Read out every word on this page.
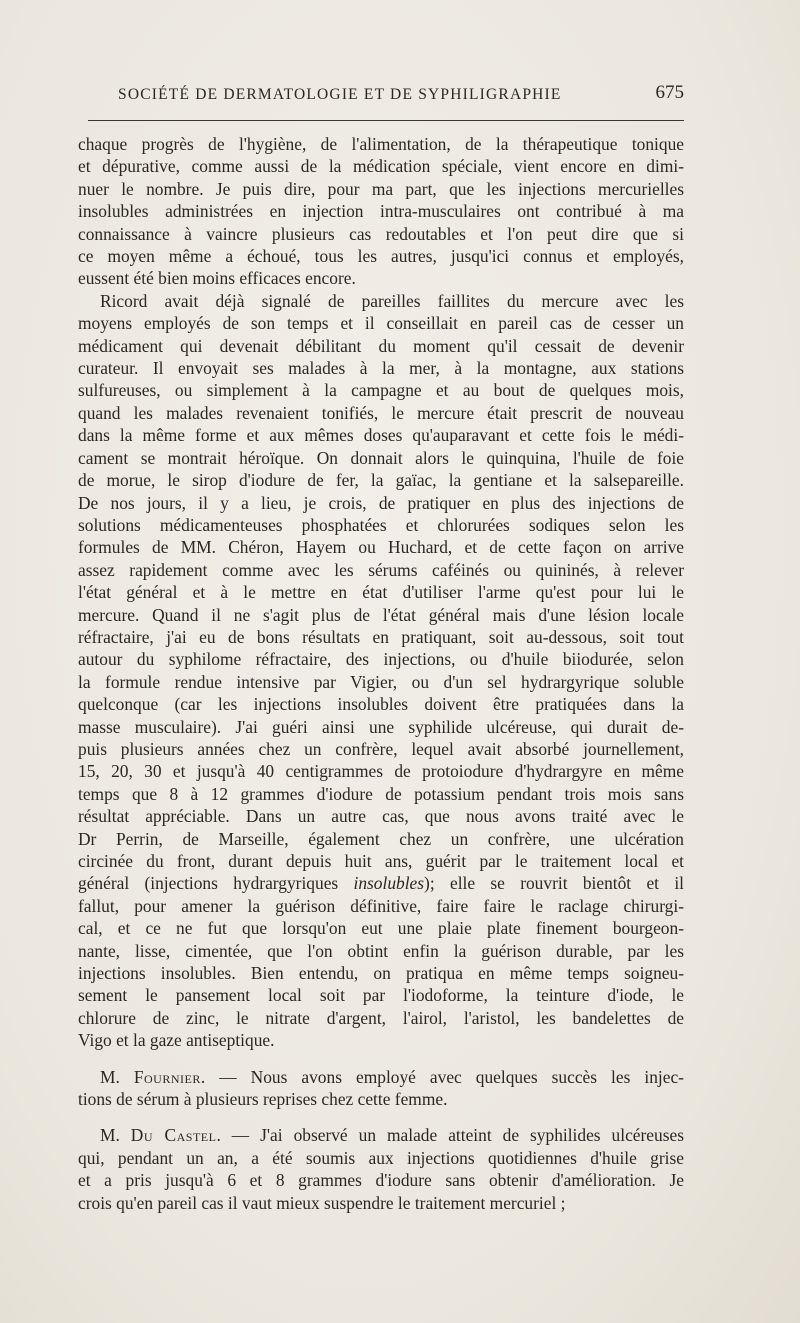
SOCIÉTÉ DE DERMATOLOGIE ET DE SYPHILIGRAPHIE	675

chaque progrès de l'hygiène, de l'alimentation, de la thérapeutique tonique
et dépurative, comme aussi de la médication spéciale, vient encore en dimi-
nuer le nombre. Je puis dire, pour ma part, que les injections mercurielles
insolubles administrées en injection intra-musculaires ont contribué à ma
connaissance à vaincre plusieurs cas redoutables et l'on peut dire que si
ce moyen même a échoué, tous les autres, jusqu'ici connus et employés,
eussent été bien moins efficaces encore.

Ricord avait déjà signalé de pareilles faillites du mercure avec les
moyens employés de son temps et il conseillait en pareil cas de cesser un
médicament qui devenait débilitant du moment qu'il cessait de devenir
curateur. Il envoyait ses malades à la mer, à la montagne, aux stations
sulfureuses, ou simplement à la campagne et au bout de quelques mois,
quand les malades revenaient tonifiés, le mercure était prescrit de nouveau
dans la même forme et aux mêmes doses qu'auparavant et cette fois le médi-
cament se montrait héroïque. On donnait alors le quinquina, l'huile de foie
de morue, le sirop d'iodure de fer, la gaïac, la gentiane et la salsepareille.
De nos jours, il y a lieu, je crois, de pratiquer en plus des injections de
solutions médicamenteuses phosphatées et chlorurées sodiques selon les
formules de MM. Chéron, Hayem ou Huchard, et de cette façon on arrive
assez rapidement comme avec les sérums caféinés ou quininés, à relever
l'état général et à le mettre en état d'utiliser l'arme qu'est pour lui le
mercure. Quand il ne s'agit plus de l'état général mais d'une lésion locale
réfractaire, j'ai eu de bons résultats en pratiquant, soit au-dessous, soit tout
autour du syphilome réfractaire, des injections, ou d'huile biiodurée, selon
la formule rendue intensive par Vigier, ou d'un sel hydrargyrique soluble
quelconque (car les injections insolubles doivent être pratiquées dans la
masse musculaire). J'ai guéri ainsi une syphilide ulcéreuse, qui durait de-
puis plusieurs années chez un confrère, lequel avait absorbé journellement,
15, 20, 30 et jusqu'à 40 centigrammes de protoiodure d'hydrargyre en même
temps que 8 à 12 grammes d'iodure de potassium pendant trois mois sans
résultat appréciable. Dans un autre cas, que nous avons traité avec le
Dr Perrin, de Marseille, également chez un confrère, une ulcération
circinée du front, durant depuis huit ans, guérit par le traitement local et
général (injections hydrargyriques insolubles); elle se rouvrit bientôt et il
fallut, pour amener la guérison définitive, faire faire le raclage chirurgi-
cal, et ce ne fut que lorsqu'on eut une plaie plate finement bourgeon-
nante, lisse, cimentée, que l'on obtint enfin la guérison durable, par les
injections insolubles. Bien entendu, on pratiqua en même temps soigneu-
sement le pansement local soit par l'iodoforme, la teinture d'iode, le
chlorure de zinc, le nitrate d'argent, l'airol, l'aristol, les bandelettes de
Vigo et la gaze antiseptique.

M. Fournier. — Nous avons employé avec quelques succès les injec-
tions de sérum à plusieurs reprises chez cette femme.

M. Du Castel. — J'ai observé un malade atteint de syphilides ulcéreuses
qui, pendant un an, a été soumis aux injections quotidiennes d'huile grise
et a pris jusqu'à 6 et 8 grammes d'iodure sans obtenir d'amélioration. Je
crois qu'en pareil cas il vaut mieux suspendre le traitement mercuriel ;
